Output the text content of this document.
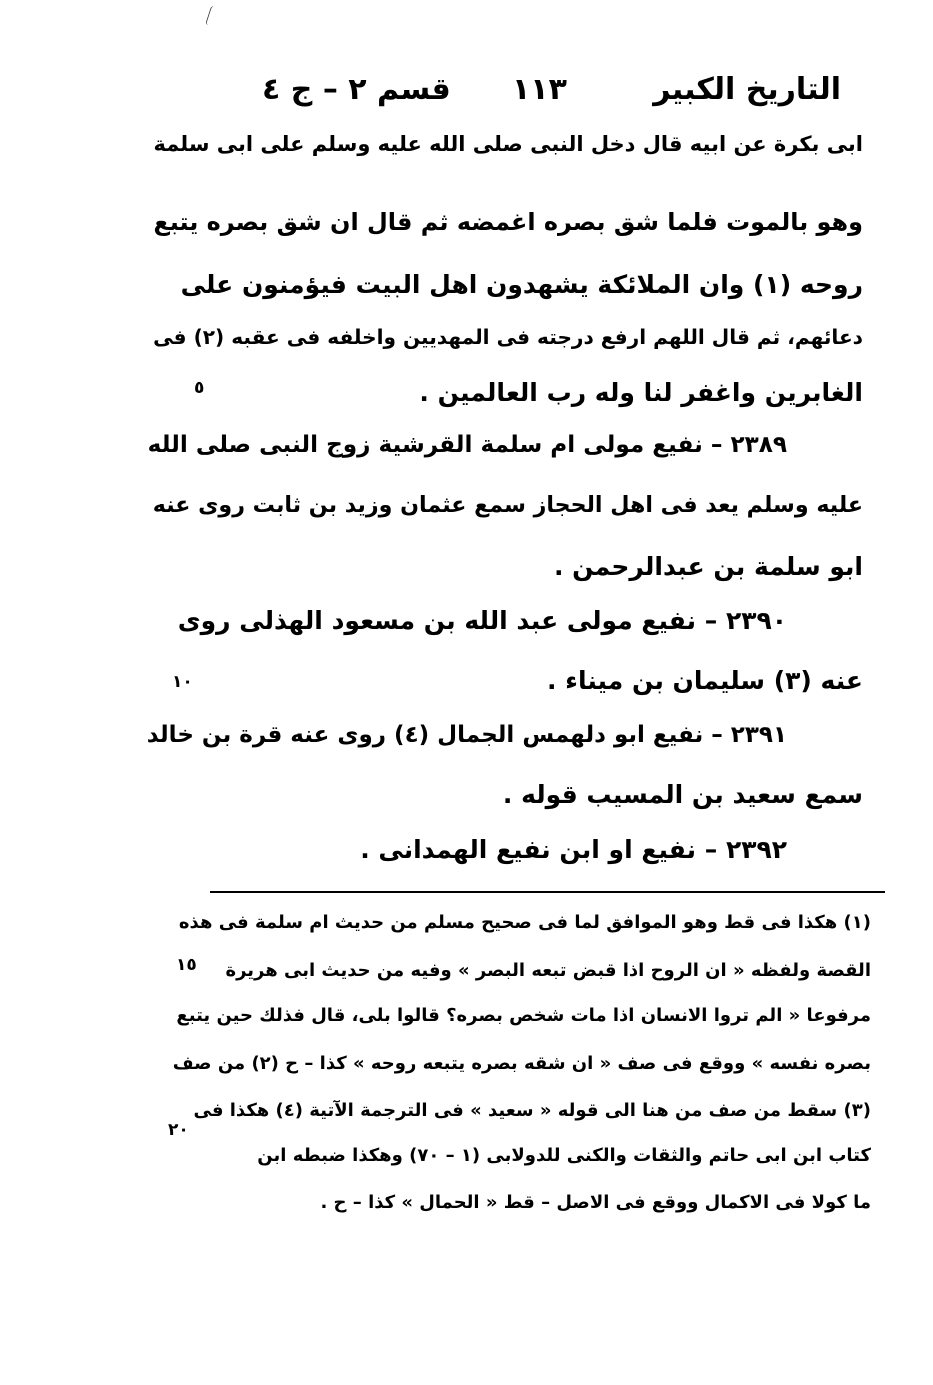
التاريخ الكبير
١١٣
قسم ٢ – ج ٤
ابى بكرة عن ابيه قال دخل النبى صلى الله عليه وسلم على ابى سلمة
وهو بالموت فلما شق بصره اغمضه ثم قال ان شق بصره يتبع
روحه (١) وان الملائكة يشهدون اهل البيت فيؤمنون على
دعائهم، ثم قال اللهم ارفع درجته فى المهديين واخلفه فى عقبه (٢) فى
الغابرين واغفر لنا وله رب العالمين .
٢٣٨٩ – نفيع مولى ام سلمة القرشية زوج النبى صلى الله
عليه وسلم يعد فى اهل الحجاز سمع عثمان وزيد بن ثابت روى عنه
ابو سلمة بن عبدالرحمن .
٢٣٩٠ – نفيع مولى عبد الله بن مسعود الهذلى روى
عنه (٣) سليمان بن ميناء .
٢٣٩١ – نفيع ابو دلهمس الجمال (٤) روى عنه قرة بن خالد
سمع سعيد بن المسيب قوله .
٢٣٩٢ – نفيع او ابن نفيع الهمدانى .
٥
١٠
١٥
٢٠
(١) هكذا فى قط وهو الموافق لما فى صحيح مسلم من حديث ام سلمة فى هذه
القصة ولفظه « ان الروح اذا قبض تبعه البصر » وفيه من حديث ابى هريرة
مرفوعا « الم تروا الانسان اذا مات شخص بصره؟ قالوا بلى، قال فذلك حين يتبع
بصره نفسه » ووقع فى صف « ان شقه بصره يتبعه روحه » كذا – ح (٢) من صف
(٣) سقط من صف من هنا الى قوله « سعيد » فى الترجمة الآتية (٤) هكذا فى
كتاب ابن ابى حاتم والثقات والكنى للدولابى (١ – ٧٠) وهكذا ضبطه ابن
ما كولا فى الاكمال ووقع فى الاصل – قط « الحمال » كذا – ح .
